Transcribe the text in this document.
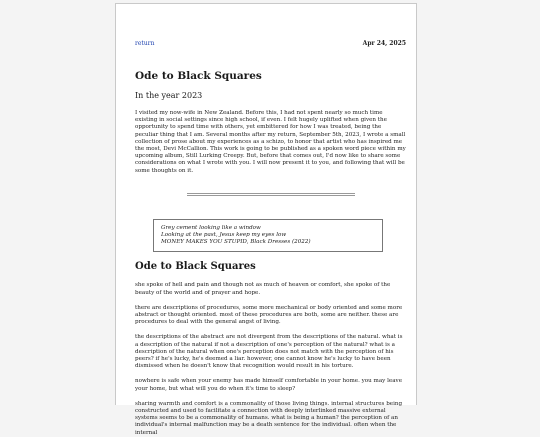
return	Apr 24, 2025
Ode to Black Squares
In the year 2023

I visited my now-wife in New Zealand. Before this, I had not spent nearly so much time existing in social settings since high school, if even. I felt hugely uplifted when given the opportunity to spend time with others, yet embittered for how I was treated, being the peculiar thing that I am. Several months after my return, September 5th, 2023, I wrote a small collection of prose about my experiences as a schizo, to honor that artist who has inspired me the most, Devi McCallion. This work is going to be published as a spoken word piece within my upcoming album, Still Lurking Creepy. But, before that comes out, I'd now like to share some considerations on what I wrote with you. I will now present it to you, and following that will be some thoughts on it.

Grey cement looking like a window
Looking at the past, Jesus keep my eyes low
MONEY MAKES YOU STUPID, Black Dresses (2022)
Ode to Black Squares

she spoke of hell and pain and though not as much of heaven or comfort, she spoke of the beauty of the world and of prayer and hope.

there are descriptions of procedures, some more mechanical or body oriented and some more abstract or thought oriented. most of these procedures are both, some are neither. these are procedures to deal with the general angst of living.

the descriptions of the abstract are not divergent from the descriptions of the natural. what is a description of the natural if not a description of one's perception of the natural? what is a description of the natural when one's perception does not match with the perception of his peers? if he's lucky, he's deemed a liar. however, one cannot know he's lucky to have been dismissed when he doesn't know that recognition would result in his torture.

nowhere is safe when your enemy has made himself comfortable in your home. you may leave your home, but what will you do when it's time to sleep?

sharing warmth and comfort is a commonality of those living things. internal structures being constructed and used to facilitate a connection with deeply interlinked massive external systems seems to be a commonality of humans. what is being a human? the perception of an individual's internal malfunction may be a death sentence for the individual. often when the internal
